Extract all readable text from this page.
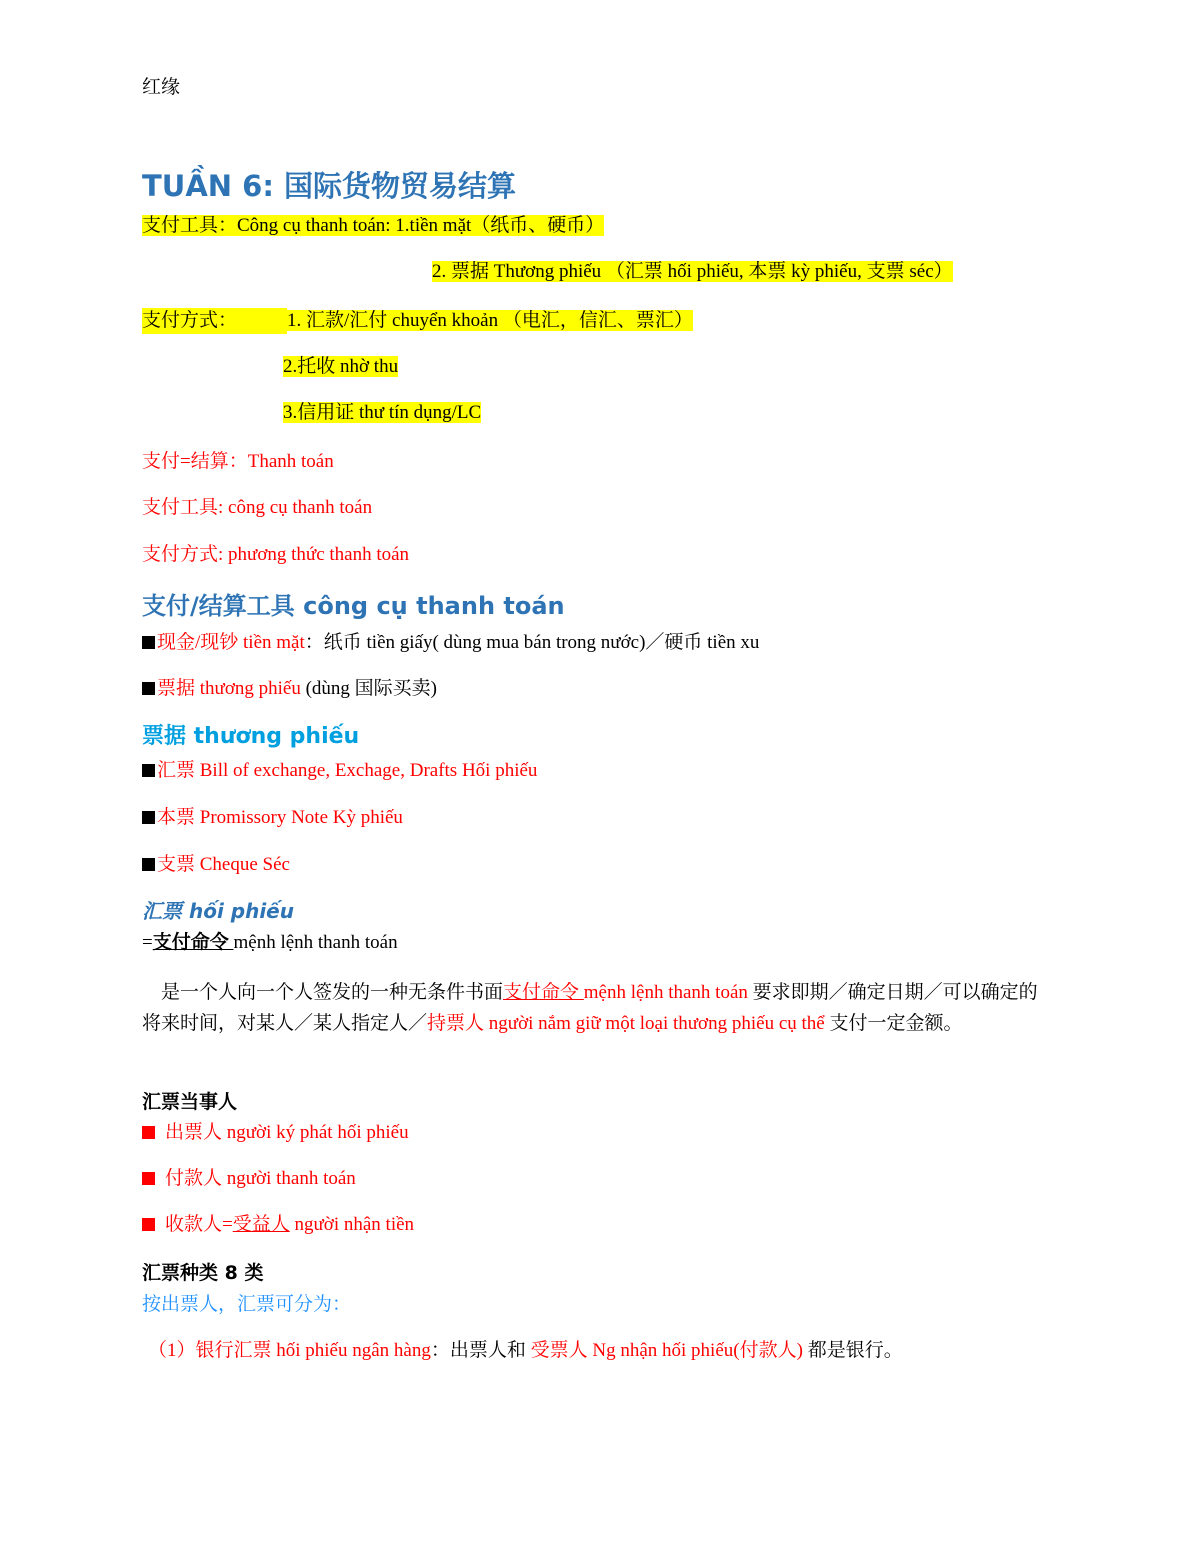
红缘
TUẦN 6: 国际货物贸易结算
支付工具：Công cụ thanh toán: 1.tiền mặt（纸币、硬币）
2. 票据 Thương phiếu （汇票 hối phiếu, 本票 kỳ phiếu, 支票 séc）
支付方式：	1. 汇款/汇付 chuyển khoản （电汇，信汇、票汇）
2.托收 nhờ thu
3.信用证 thư tín dụng/LC
支付=结算：Thanh toán
支付工具: công cụ thanh toán
支付方式: phương thức thanh toán
支付/结算工具 công cụ thanh toán
现金/现钞 tiền mặt：纸币 tiền giấy( dùng mua bán trong nước)／硬币 tiền xu
票据 thương phiếu (dùng 国际买卖)
票据 thương phiếu
汇票 Bill of exchange, Exchage, Drafts Hối phiếu
本票 Promissory Note Kỳ phiếu
支票 Cheque Séc
汇票 hối phiếu
=支付命令 mệnh lệnh thanh toán
　是一个人向一个人签发的一种无条件书面支付命令 mệnh lệnh thanh toán 要求即期／确定日期／可以确定的将来时间，对某人／某人指定人／持票人 người nắm giữ một loại thương phiếu cụ thể 支付一定金额。
汇票当事人
出票人 người ký phát hối phiếu
付款人 người thanh toán
收款人=受益人 người nhận tiền
汇票种类 8 类
按出票人，汇票可分为：
（1）银行汇票 hối phiếu ngân hàng：出票人和 受票人 Ng nhận hối phiếu(付款人) 都是银行。
